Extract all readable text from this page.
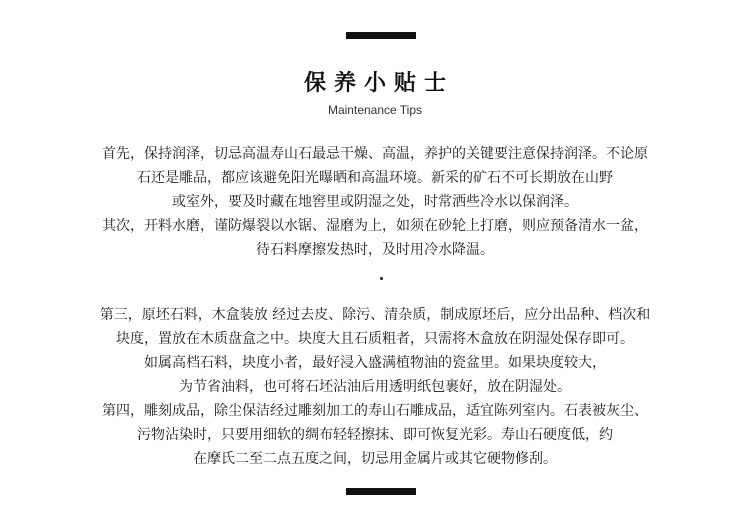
保养小贴士

Maintenance Tips

首先，保持润泽，切忌高温寿山石最忌干燥、高温，养护的关键要注意保持润泽。不论原
石还是雕品，都应该避免阳光曝晒和高温环境。新采的矿石不可长期放在山野
或室外，要及时藏在地窖里或阴湿之处，时常洒些冷水以保润泽。
其次，开料水磨，谨防爆裂以水锯、湿磨为上，如须在砂轮上打磨，则应预备清水一盆，
待石料摩擦发热时，及时用冷水降温。
第三，原坯石料，木盒装放 经过去皮、除污、清杂质，制成原坯后，应分出品种、档次和
块度，置放在木质盘盒之中。块度大且石质粗者，只需将木盒放在阴湿处保存即可。
如属高档石料，块度小者，最好浸入盛满植物油的瓷盆里。如果块度较大，
为节省油料，也可将石坯沾油后用透明纸包裹好，放在阴湿处。
第四，雕刻成品，除尘保洁经过雕刻加工的寿山石雕成品，适宜陈列室内。石表被灰尘、
污物沾染时，只要用细软的绸布轻轻擦抹、即可恢复光彩。寿山石硬度低，约
在摩氏二至二点五度之间，切忌用金属片或其它硬物修刮。
